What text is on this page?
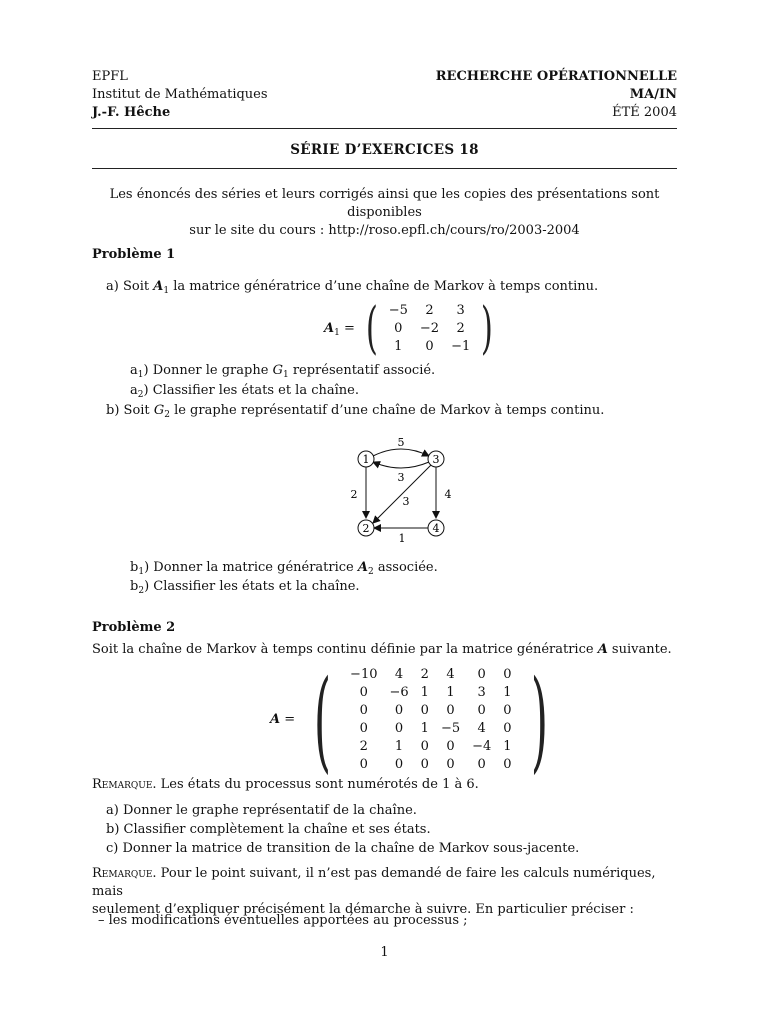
EPFL	RECHERCHE OPÉRATIONNELLE
Institut de Mathématiques	MA/IN
J.-F. Hêche	ÉTÉ 2004
SÉRIE D’EXERCICES 18
Les énoncés des séries et leurs corrigés ainsi que les copies des présentations sont disponibles
sur le site du cours : http://roso.epfl.ch/cours/ro/2003-2004
Problème 1
a) Soit $A_1$ la matrice génératrice d’une chaîne de Markov à temps continu.
$A_1$ = ( −5	2	3
0	−2	2
1	0	−1 )
$a_1$) Donner le graphe $G_1$ représentatif associé.
$a_2$) Classifier les états et la chaîne.
b) Soit $G_2$ le graphe représentatif d’une chaîne de Markov à temps continu.
1	3
2	4
5
3
2
3
4
1
$b_1$) Donner la matrice génératrice $A_2$ associée.
$b_2$) Classifier les états et la chaîne.
Problème 2
Soit la chaîne de Markov à temps continu définie par la matrice génératrice A suivante.
A = ( −10	4	2	4	0	0
0	−6	1	1	3	1
0	0	0	0	0	0
0	0	1	−5	4	0
2	1	0	0	−4	1
0	0	0	0	0	0 )
Remarque. Les états du processus sont numérotés de 1 à 6.
a) Donner le graphe représentatif de la chaîne.
b) Classifier complètement la chaîne et ses états.
c) Donner la matrice de transition de la chaîne de Markov sous-jacente.
Remarque. Pour le point suivant, il n’est pas demandé de faire les calculs numériques, mais
seulement d’expliquer précisément la démarche à suivre. En particulier préciser :
– les modifications éventuelles apportées au processus ;
1
